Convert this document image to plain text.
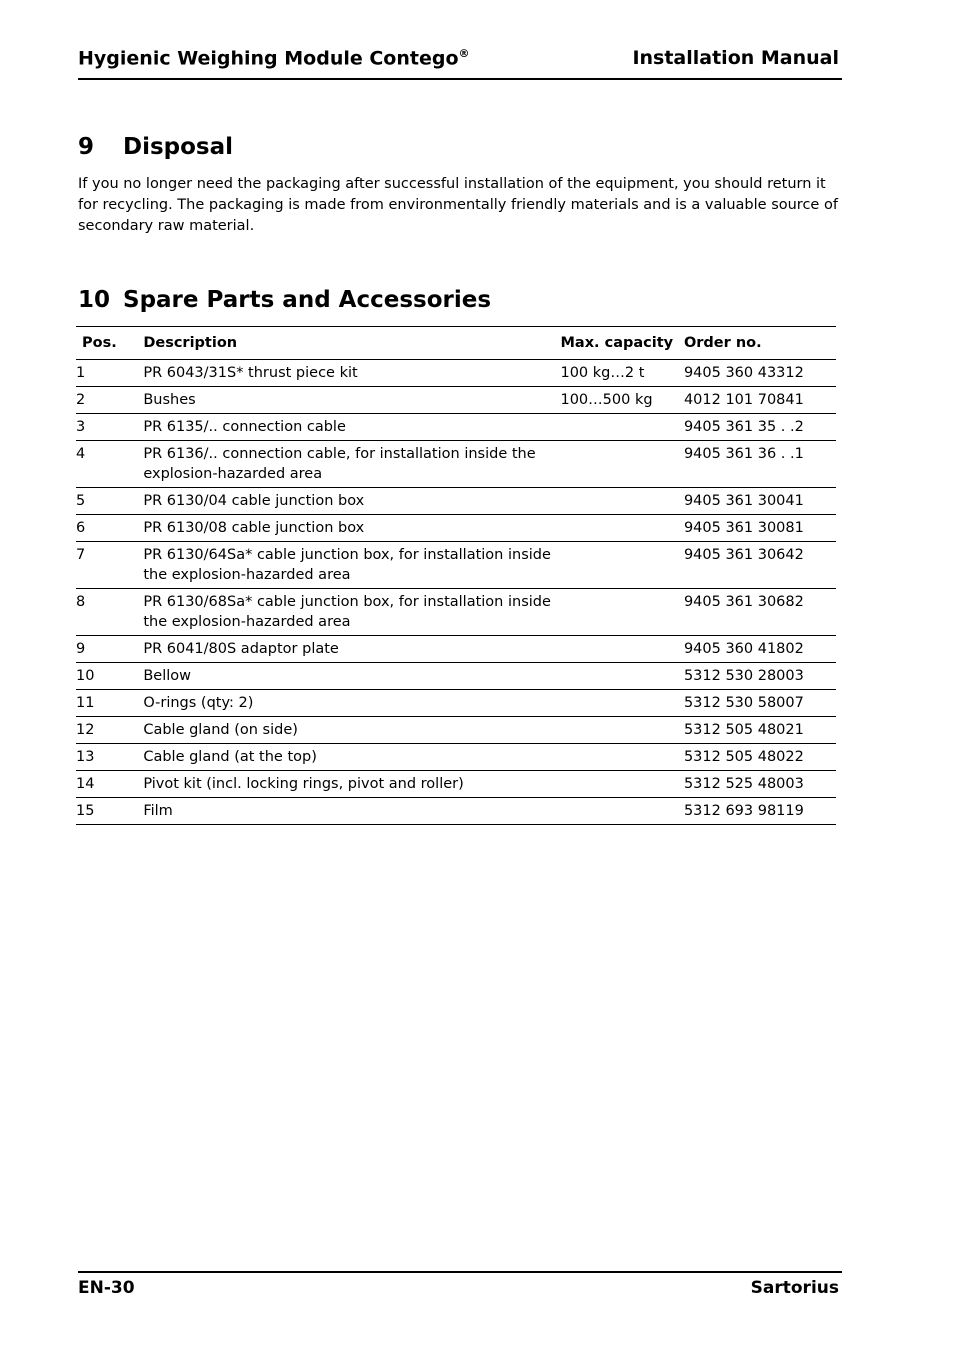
Hygienic Weighing Module Contego®	Installation Manual
9 Disposal
If you no longer need the packaging after successful installation of the equipment, you should return it for recycling. The packaging is made from environmentally friendly materials and is a valuable source of secondary raw material.
10 Spare Parts and Accessories
Pos.	Description	Max. capacity	Order no.
1	PR 6043/31S* thrust piece kit	100 kg…2 t	9405 360 43312
2	Bushes	100…500 kg	4012 101 70841
3	PR 6135/.. connection cable		9405 361 35 . .2
4	PR 6136/.. connection cable, for installation inside the explosion-hazarded area		9405 361 36 . .1
5	PR 6130/04 cable junction box		9405 361 30041
6	PR 6130/08 cable junction box		9405 361 30081
7	PR 6130/64Sa* cable junction box, for installation inside the explosion-hazarded area		9405 361 30642
8	PR 6130/68Sa* cable junction box, for installation inside the explosion-hazarded area		9405 361 30682
9	PR 6041/80S adaptor plate		9405 360 41802
10	Bellow		5312 530 28003
11	O-rings (qty: 2)		5312 530 58007
12	Cable gland (on side)		5312 505 48021
13	Cable gland (at the top)		5312 505 48022
14	Pivot kit (incl. locking rings, pivot and roller)		5312 525 48003
15	Film		5312 693 98119
EN-30	Sartorius
